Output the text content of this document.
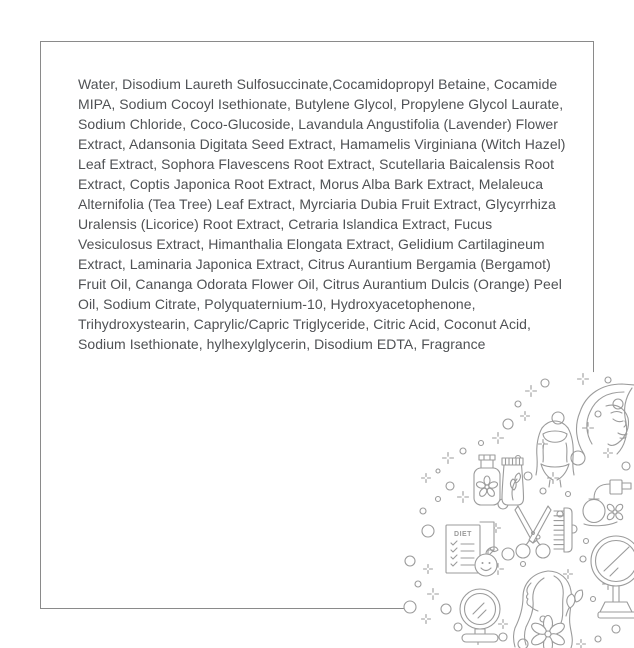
Water, Disodium Laureth Sulfosuccinate,Cocamidopropyl Betaine, Cocamide
MIPA, Sodium Cocoyl Isethionate, Butylene Glycol, Propylene Glycol Laurate,
Sodium Chloride, Coco-Glucoside, Lavandula Angustifolia (Lavender) Flower
Extract, Adansonia Digitata Seed Extract, Hamamelis Virginiana (Witch Hazel)
Leaf Extract, Sophora Flavescens Root Extract, Scutellaria Baicalensis Root
Extract, Coptis Japonica Root Extract, Morus Alba Bark Extract, Melaleuca
Alternifolia (Tea Tree) Leaf Extract, Myrciaria Dubia Fruit Extract, Glycyrrhiza
Uralensis (Licorice) Root Extract, Cetraria Islandica Extract, Fucus
Vesiculosus Extract, Himanthalia Elongata Extract, Gelidium Cartilagineum
Extract, Laminaria Japonica Extract, Citrus Aurantium Bergamia (Bergamot)
Fruit Oil, Cananga Odorata Flower Oil, Citrus Aurantium Dulcis (Orange) Peel
Oil, Sodium Citrate, Polyquaternium-10, Hydroxyacetophenone,
Trihydroxystearin, Caprylic/Capric Triglyceride, Citric Acid, Coconut Acid,
Sodium Isethionate, hylhexylglycerin, Disodium EDTA, Fragrance
DIET
